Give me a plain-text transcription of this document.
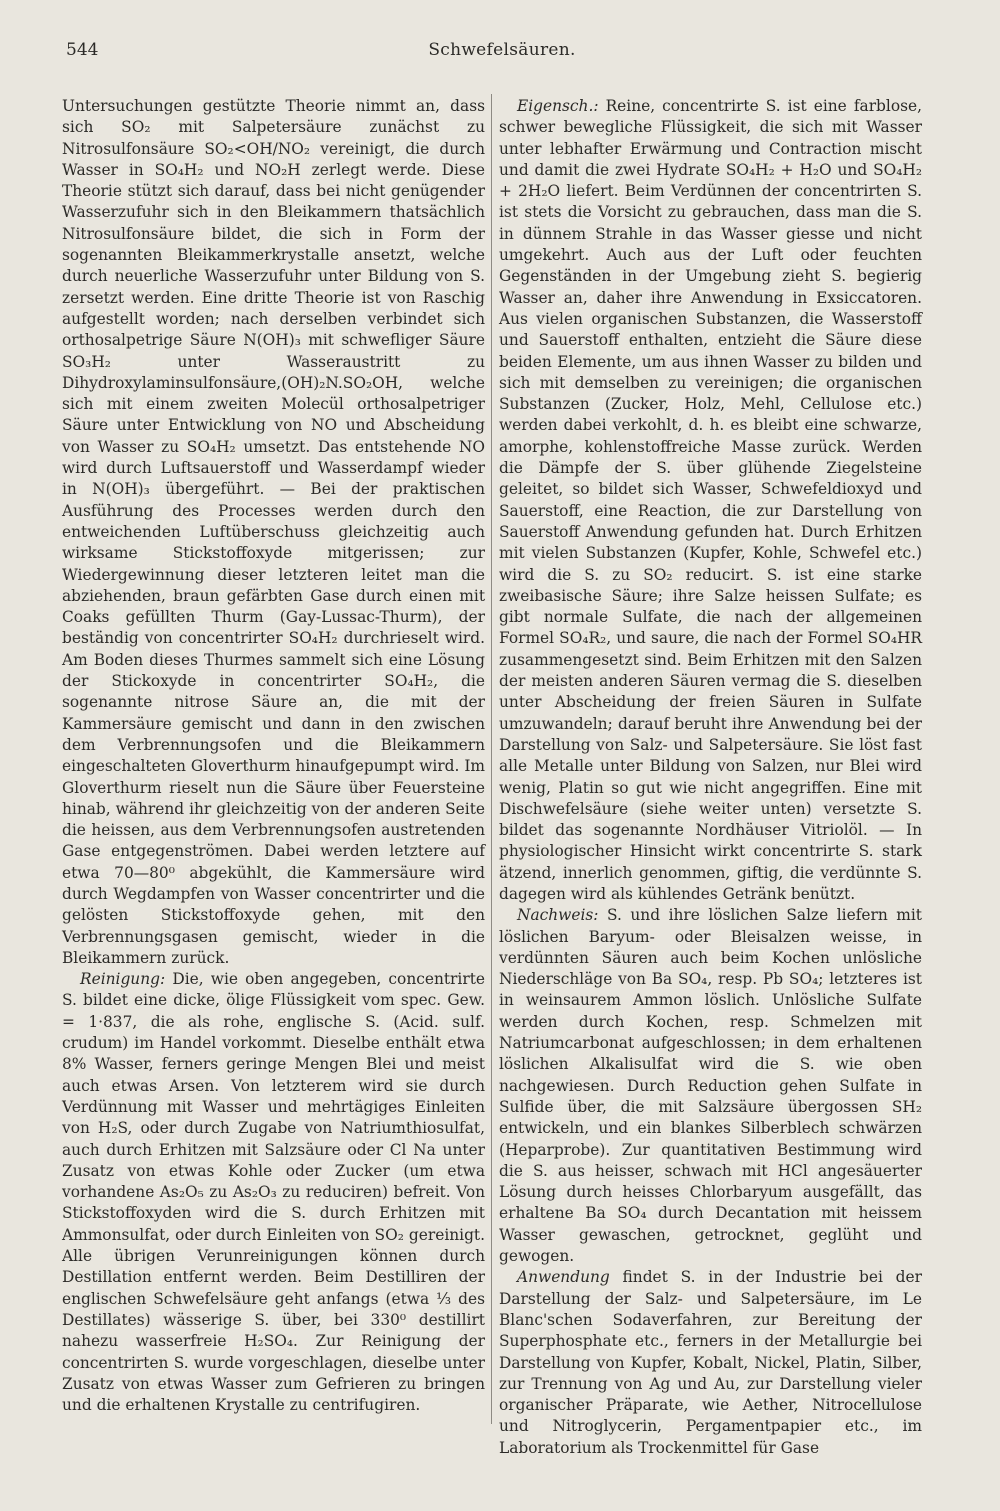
544	Schwefelsäuren.

Untersuchungen gestützte Theorie nimmt an, dass sich SO₂ mit Salpetersäure zunächst zu Nitrosulfonsäure SO₂<OH/NO₂ vereinigt, die durch Wasser in SO₄H₂ und NO₂H zerlegt werde. Diese Theorie stützt sich darauf, dass bei nicht genügender Wasserzufuhr sich in den Bleikammern thatsächlich Nitrosulfonsäure bildet, die sich in Form der sogenannten Bleikammerkrystalle ansetzt, welche durch neuerliche Wasserzufuhr unter Bildung von S. zersetzt werden. Eine dritte Theorie ist von Raschig aufgestellt worden; nach derselben verbindet sich orthosalpetrige Säure N(OH)₃ mit schwefliger Säure SO₃H₂ unter Wasseraustritt zu Dihydroxylaminsulfonsäure,(OH)₂N.SO₂OH, welche sich mit einem zweiten Molecül orthosalpetriger Säure unter Entwicklung von NO und Abscheidung von Wasser zu SO₄H₂ umsetzt. Das entstehende NO wird durch Luftsauerstoff und Wasserdampf wieder in N(OH)₃ übergeführt. — Bei der praktischen Ausführung des Processes werden durch den entweichenden Luftüberschuss gleichzeitig auch wirksame Stickstoffoxyde mitgerissen; zur Wiedergewinnung dieser letzteren leitet man die abziehenden, braun gefärbten Gase durch einen mit Coaks gefüllten Thurm (Gay-Lussac-Thurm), der beständig von concentrirter SO₄H₂ durchrieselt wird. Am Boden dieses Thurmes sammelt sich eine Lösung der Stickoxyde in concentrirter SO₄H₂, die sogenannte nitrose Säure an, die mit der Kammersäure gemischt und dann in den zwischen dem Verbrennungsofen und die Bleikammern eingeschalteten Gloverthurm hinaufgepumpt wird. Im Gloverthurm rieselt nun die Säure über Feuersteine hinab, während ihr gleichzeitig von der anderen Seite die heissen, aus dem Verbrennungsofen austretenden Gase entgegenströmen. Dabei werden letztere auf etwa 70—80⁰ abgekühlt, die Kammersäure wird durch Wegdampfen von Wasser concentrirter und die gelösten Stickstoffoxyde gehen, mit den Verbrennungsgasen gemischt, wieder in die Bleikammern zurück.

Reinigung: Die, wie oben angegeben, concentrirte S. bildet eine dicke, ölige Flüssigkeit vom spec. Gew. = 1·837, die als rohe, englische S. (Acid. sulf. crudum) im Handel vorkommt. Dieselbe enthält etwa 8% Wasser, ferners geringe Mengen Blei und meist auch etwas Arsen. Von letzterem wird sie durch Verdünnung mit Wasser und mehrtägiges Einleiten von H₂S, oder durch Zugabe von Natriumthiosulfat, auch durch Erhitzen mit Salzsäure oder Cl Na unter Zusatz von etwas Kohle oder Zucker (um etwa vorhandene As₂O₅ zu As₂O₃ zu reduciren) befreit. Von Stickstoffoxyden wird die S. durch Erhitzen mit Ammonsulfat, oder durch Einleiten von SO₂ gereinigt. Alle übrigen Verunreinigungen können durch Destillation entfernt werden. Beim Destilliren der englischen Schwefelsäure geht anfangs (etwa ⅓ des Destillates) wässerige S. über, bei 330⁰ destillirt nahezu wasserfreie H₂SO₄. Zur Reinigung der concentrirten S. wurde vorgeschlagen, dieselbe unter Zusatz von etwas Wasser zum Gefrieren zu bringen und die erhaltenen Krystalle zu centrifugiren.

Eigensch.: Reine, concentrirte S. ist eine farblose, schwer bewegliche Flüssigkeit, die sich mit Wasser unter lebhafter Erwärmung und Contraction mischt und damit die zwei Hydrate SO₄H₂ + H₂O und SO₄H₂ + 2H₂O liefert. Beim Verdünnen der concentrirten S. ist stets die Vorsicht zu gebrauchen, dass man die S. in dünnem Strahle in das Wasser giesse und nicht umgekehrt. Auch aus der Luft oder feuchten Gegenständen in der Umgebung zieht S. begierig Wasser an, daher ihre Anwendung in Exsiccatoren. Aus vielen organischen Substanzen, die Wasserstoff und Sauerstoff enthalten, entzieht die Säure diese beiden Elemente, um aus ihnen Wasser zu bilden und sich mit demselben zu vereinigen; die organischen Substanzen (Zucker, Holz, Mehl, Cellulose etc.) werden dabei verkohlt, d. h. es bleibt eine schwarze, amorphe, kohlenstoffreiche Masse zurück. Werden die Dämpfe der S. über glühende Ziegelsteine geleitet, so bildet sich Wasser, Schwefeldioxyd und Sauerstoff, eine Reaction, die zur Darstellung von Sauerstoff Anwendung gefunden hat. Durch Erhitzen mit vielen Substanzen (Kupfer, Kohle, Schwefel etc.) wird die S. zu SO₂ reducirt. S. ist eine starke zweibasische Säure; ihre Salze heissen Sulfate; es gibt normale Sulfate, die nach der allgemeinen Formel SO₄R₂, und saure, die nach der Formel SO₄HR zusammengesetzt sind. Beim Erhitzen mit den Salzen der meisten anderen Säuren vermag die S. dieselben unter Abscheidung der freien Säuren in Sulfate umzuwandeln; darauf beruht ihre Anwendung bei der Darstellung von Salz- und Salpetersäure. Sie löst fast alle Metalle unter Bildung von Salzen, nur Blei wird wenig, Platin so gut wie nicht angegriffen. Eine mit Dischwefelsäure (siehe weiter unten) versetzte S. bildet das sogenannte Nordhäuser Vitriolöl. — In physiologischer Hinsicht wirkt concentrirte S. stark ätzend, innerlich genommen, giftig, die verdünnte S. dagegen wird als kühlendes Getränk benützt.

Nachweis: S. und ihre löslichen Salze liefern mit löslichen Baryum- oder Bleisalzen weisse, in verdünnten Säuren auch beim Kochen unlösliche Niederschläge von Ba SO₄, resp. Pb SO₄; letzteres ist in weinsaurem Ammon löslich. Unlösliche Sulfate werden durch Kochen, resp. Schmelzen mit Natriumcarbonat aufgeschlossen; in dem erhaltenen löslichen Alkalisulfat wird die S. wie oben nachgewiesen. Durch Reduction gehen Sulfate in Sulfide über, die mit Salzsäure übergossen SH₂ entwickeln, und ein blankes Silberblech schwärzen (Heparprobe). Zur quantitativen Bestimmung wird die S. aus heisser, schwach mit HCl angesäuerter Lösung durch heisses Chlorbaryum ausgefällt, das erhaltene Ba SO₄ durch Decantation mit heissem Wasser gewaschen, getrocknet, geglüht und gewogen.

Anwendung findet S. in der Industrie bei der Darstellung der Salz- und Salpetersäure, im Le Blanc'schen Sodaverfahren, zur Bereitung der Superphosphate etc., ferners in der Metallurgie bei Darstellung von Kupfer, Kobalt, Nickel, Platin, Silber, zur Trennung von Ag und Au, zur Darstellung vieler organischer Präparate, wie Aether, Nitrocellulose und Nitroglycerin, Pergamentpapier etc., im Laboratorium als Trockenmittel für Gase
